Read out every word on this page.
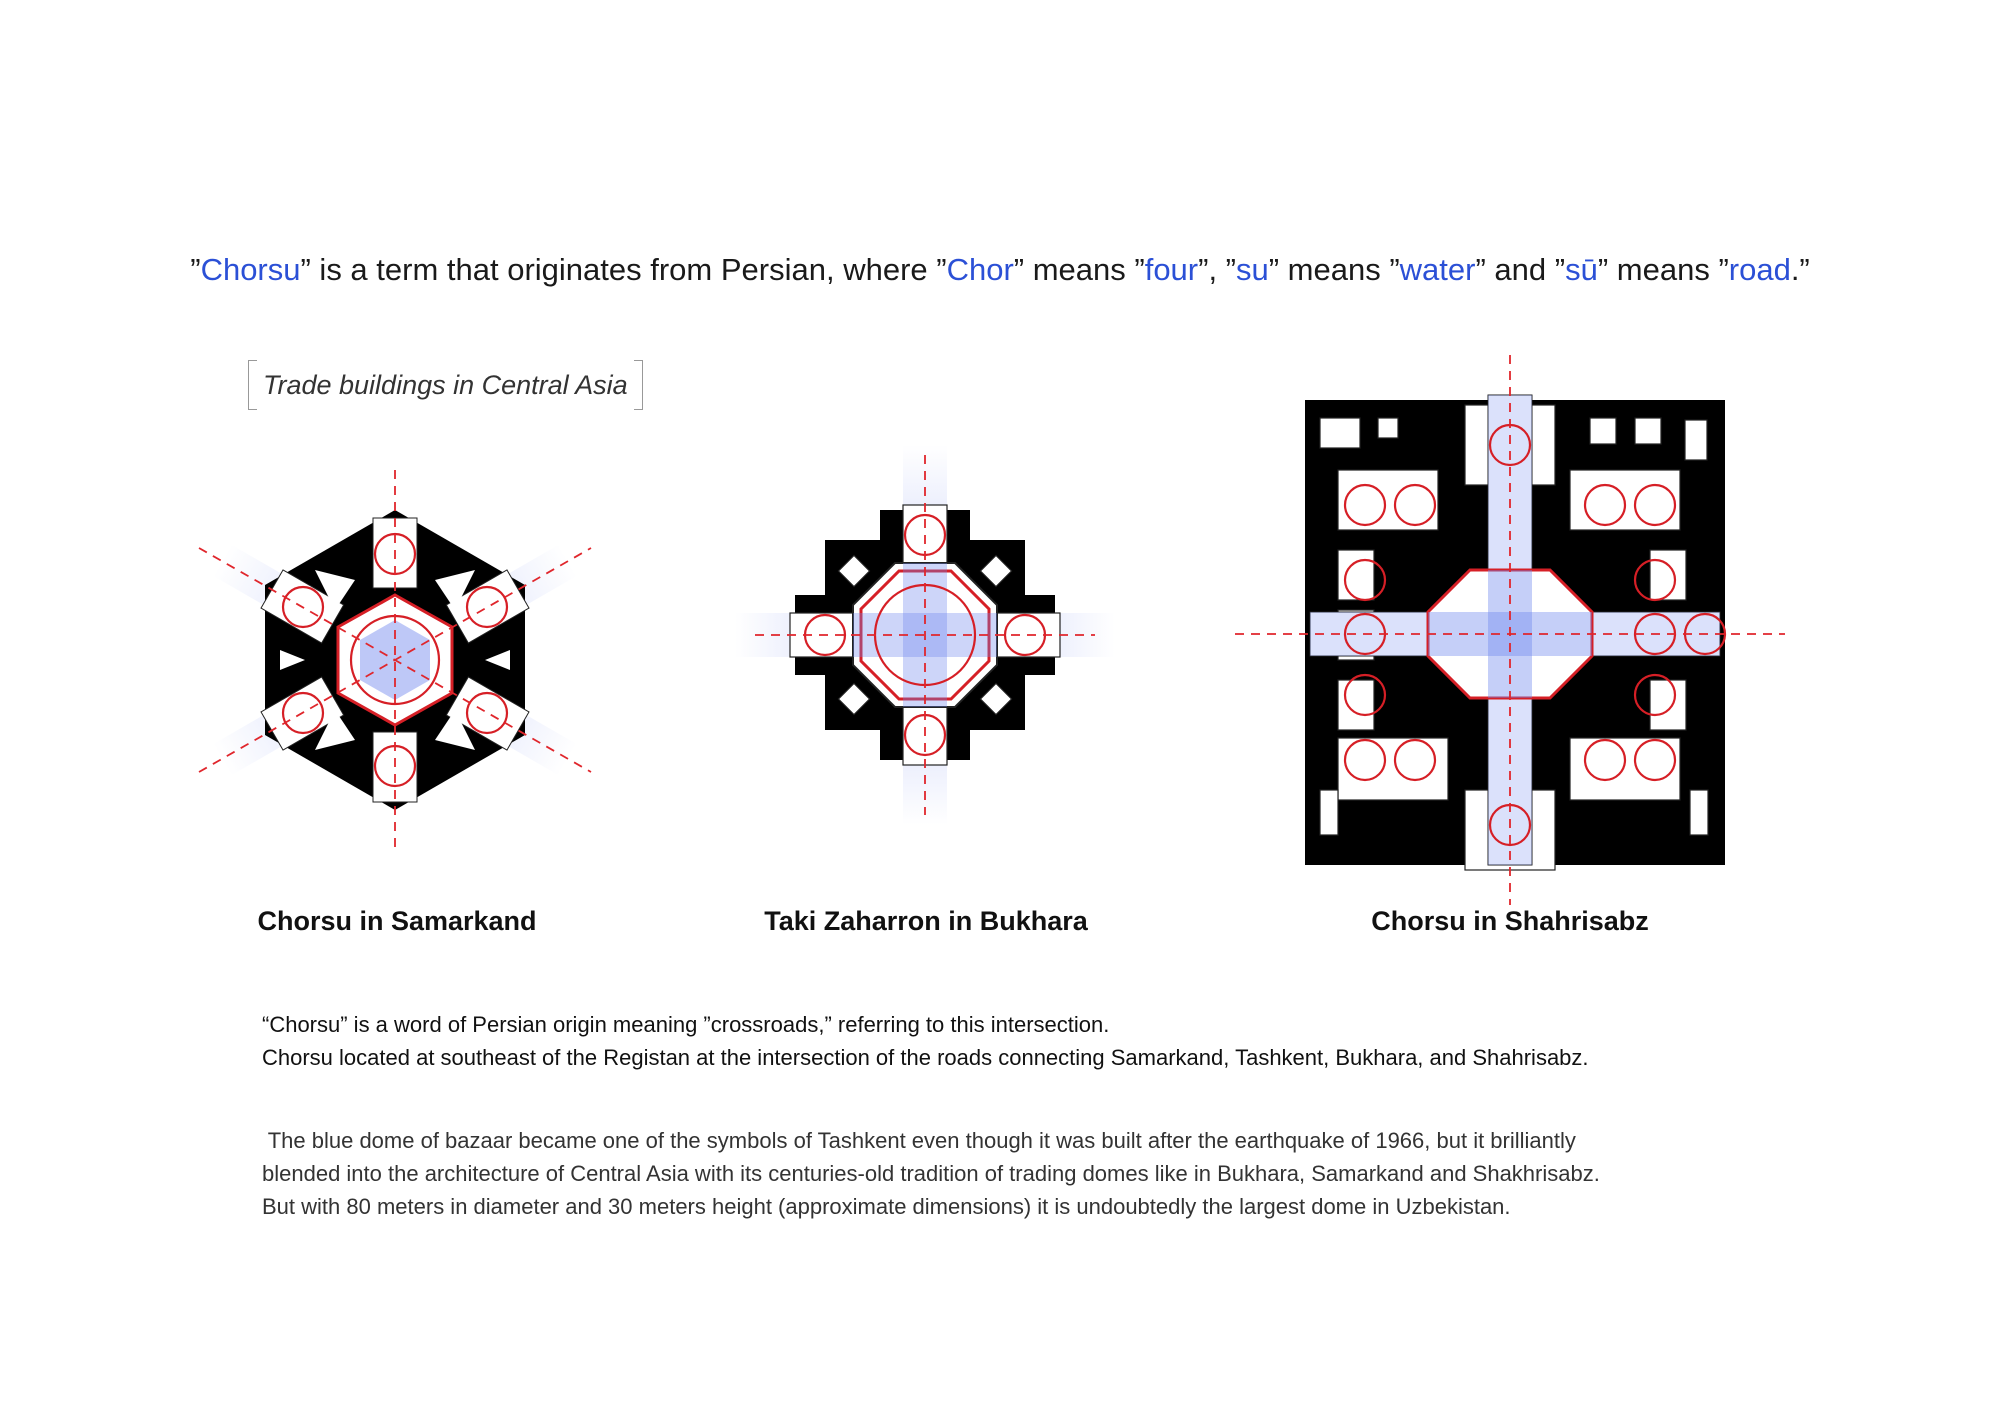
”Chorsu” is a term that originates from Persian, where ”Chor” means ”four”, ”su” means ”water” and ”sū” means ”road.”
Trade buildings in Central Asia
Chorsu in Samarkand	Taki Zaharron in Bukhara	Chorsu in Shahrisabz
“Chorsu” is a word of Persian origin meaning ”crossroads,” referring to this intersection.
Chorsu located at southeast of the Registan at the intersection of the roads connecting Samarkand, Tashkent, Bukhara, and Shahrisabz.
The blue dome of bazaar became one of the symbols of Tashkent even though it was built after the earthquake of 1966, but it brilliantly
blended into the architecture of Central Asia with its centuries-old tradition of trading domes like in Bukhara, Samarkand and Shakhrisabz.
But with 80 meters in diameter and 30 meters height (approximate dimensions) it is undoubtedly the largest dome in Uzbekistan.
